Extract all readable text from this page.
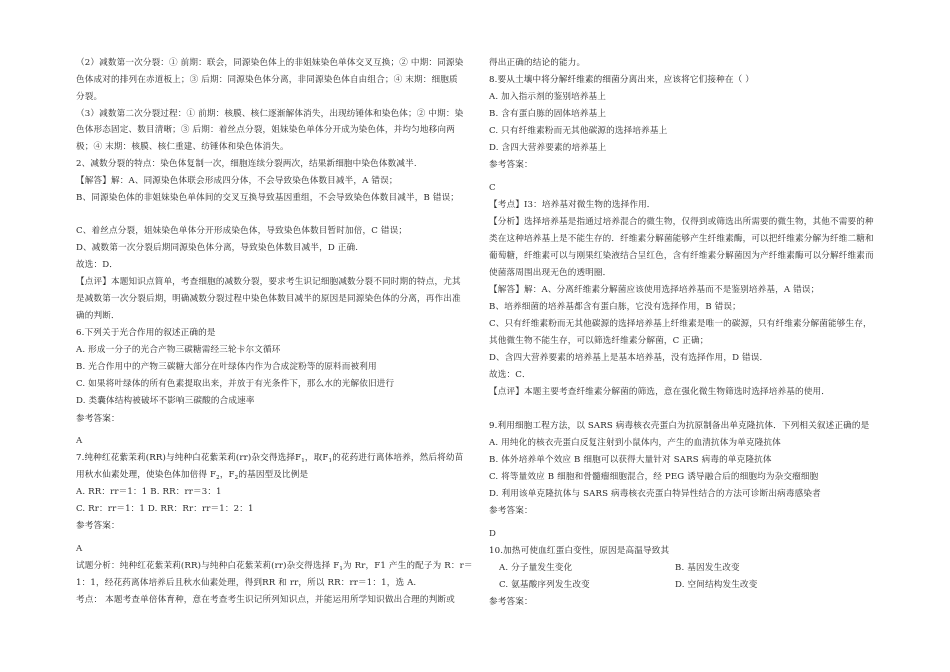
（2）减数第一次分裂：① 前期：联会，同源染色体上的非姐妹染色单体交叉互换；② 中期：同源染
色体成对的排列在赤道板上；③ 后期：同源染色体分离，非同源染色体自由组合；④ 末期：细胞质
分裂。
（3）减数第二次分裂过程：① 前期：核膜、核仁逐渐解体消失，出现纺锤体和染色体；② 中期：染
色体形态固定、数目清晰；③ 后期：着丝点分裂，姐妹染色单体分开成为染色体，并均匀地移向两
极；④ 末期：核膜、核仁重建、纺锤体和染色体消失。
2、减数分裂的特点：染色体复制一次，细胞连续分裂两次，结果新细胞中染色体数减半.
【解答】解：A、同源染色体联会形成四分体，不会导致染色体数目减半，A 错误；
B、同源染色体的非姐妹染色单体间的交叉互换导致基因重组，不会导致染色体数目减半，B 错误；
C、着丝点分裂，姐妹染色单体分开形成染色体，导致染色体数目暂时加倍，C 错误；
D、减数第一次分裂后期同源染色体分离，导致染色体数目减半，D 正确.
故选：D．
【点评】本题知识点简单，考查细胞的减数分裂，要求考生识记细胞减数分裂不同时期的特点，尤其
是减数第一次分裂后期，明确减数分裂过程中染色体数目减半的原因是同源染色体的分离，再作出准
确的判断．
6.下列关于光合作用的叙述正确的是
A. 形成一分子的光合产物三碳糖需经三轮卡尔文循环
B. 光合作用中的产物三碳糖大部分在叶绿体内作为合成淀粉等的原料而被利用
C. 如果将叶绿体的所有色素提取出来，并放于有光条件下，那么水的光解依旧进行
D. 类囊体结构被破坏不影响三碳酸的合成速率
参考答案：
A
7.纯种红花紫茉莉(RR)与纯种白花紫茉莉(rr)杂交得选择$F_1$，取$F_1$的花药进行离体培养，然后将幼苗
用秋水仙素处理，使染色体加倍得 $F_2$，$F_2$的基因型及比例是
A. RR：rr＝1：1 B. RR：rr＝3：1
C. Rr：rr＝1：1 D. RR：Rr：rr＝1：2：1
参考答案：
A
试题分析：纯种红花紫茉莉(RR)与纯种白花紫茉莉(rr)杂交得选择 $F_1$为 Rr，F1 产生的配子为 R：r＝
1：1，经花药离体培养后且秋水仙素处理，得到RR 和 rr，所以 RR：rr＝1：1，选 A.
考点： 本题考查单倍体育种，意在考查考生识记所列知识点，并能运用所学知识做出合理的判断或
得出正确的结论的能力。
8.要从土壤中将分解纤维素的细菌分离出来，应该将它们接种在（ ）
A. 加入指示剂的鉴别培养基上
B. 含有蛋白胨的固体培养基上
C. 只有纤维素粉而无其他碳源的选择培养基上
D. 含四大营养要素的培养基上
参考答案：
C
【考点】I3：培养基对微生物的选择作用．
【分析】选择培养基是指通过培养混合的微生物，仅得到或筛选出所需要的微生物，其他不需要的种
类在这种培养基上是不能生存的．纤维素分解菌能够产生纤维素酶，可以把纤维素分解为纤维二糖和
葡萄糖，纤维素可以与刚果红染液结合呈红色，含有纤维素分解菌因为产纤维素酶可以分解纤维素而
使菌落周围出现无色的透明圈．
【解答】解：A、分离纤维素分解菌应该使用选择培养基而不是鉴别培养基，A 错误；
B、培养细菌的培养基都含有蛋白胨，它没有选择作用，B 错误；
C、只有纤维素粉而无其他碳源的选择培养基上纤维素是唯一的碳源，只有纤维素分解菌能够生存，
其他微生物不能生存，可以筛选纤维素分解菌，C 正确；
D、含四大营养要素的培养基上是基本培养基，没有选择作用，D 错误．
故选：C．
【点评】本题主要考查纤维素分解菌的筛选，意在强化微生物筛选时选择培养基的使用．
9.利用细胞工程方法，以 SARS 病毒核衣壳蛋白为抗原制备出单克隆抗体．下列相关叙述正确的是
A. 用纯化的核衣壳蛋白反复注射到小鼠体内，产生的血清抗体为单克隆抗体
B. 体外培养单个效应 B 细胞可以获得大量针对 SARS 病毒的单克隆抗体
C. 将等量效应 B 细胞和骨髓瘤细胞混合，经 PEG 诱导融合后的细胞均为杂交瘤细胞
D. 利用该单克隆抗体与 SARS 病毒核衣壳蛋白特异性结合的方法可诊断出病毒感染者
参考答案：
D
10.加热可使血红蛋白变性，原因是高温导致其
A. 分子量发生变化	B. 基因发生改变
C. 氨基酸序列发生改变	D. 空间结构发生改变
参考答案：
